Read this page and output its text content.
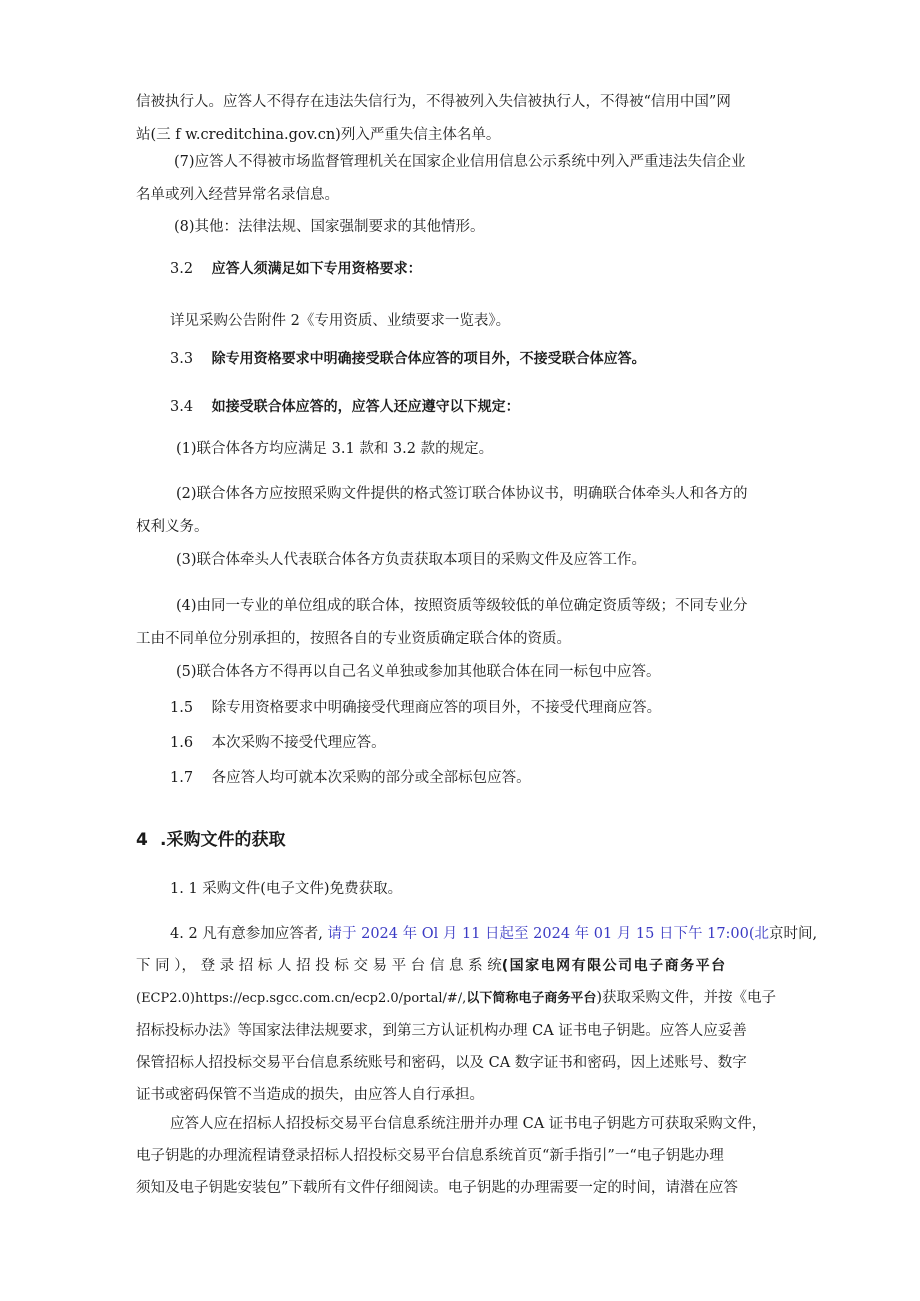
信被执行人。应答人不得存在违法失信行为，不得被列入失信被执行人，不得被“信用中国”网
站(三 f w.creditchina.gov.cn)列入严重失信主体名单。

(7)应答人不得被市场监督管理机关在国家企业信用信息公示系统中列入严重违法失信企业
名单或列入经营异常名录信息。

(8)其他：法律法规、国家强制要求的其他情形。

3.2 应答人须满足如下专用资格要求：

详见采购公告附件 2《专用资质、业绩要求一览表》。

3.3 除专用资格要求中明确接受联合体应答的项目外，不接受联合体应答。

3.4 如接受联合体应答的，应答人还应遵守以下规定：

(1)联合体各方均应满足 3.1 款和 3.2 款的规定。

(2)联合体各方应按照采购文件提供的格式签订联合体协议书，明确联合体牵头人和各方的
权利义务。

(3)联合体牵头人代表联合体各方负责获取本项目的采购文件及应答工作。

(4)由同一专业的单位组成的联合体，按照资质等级较低的单位确定资质等级；不同专业分
工由不同单位分别承担的，按照各自的专业资质确定联合体的资质。

(5)联合体各方不得再以自己名义单独或参加其他联合体在同一标包中应答。

1.5 除专用资格要求中明确接受代理商应答的项目外，不接受代理商应答。

1.6 本次采购不接受代理应答。

1.7 各应答人均可就本次采购的部分或全部标包应答。

4 .采购文件的获取

1. 1 采购文件(电子文件)免费获取。

4. 2 凡有意参加应答者, 请于 2024 年 Ol 月 11 日起至 2024 年 01 月 15 日下午 17:00(北京时间,
下 同 ）， 登 录 招 标 人 招 投 标 交 易 平 台 信 息 系 统(国家电网有限公司电子商务平台
(ECP2.0)https://ecp.sgcc.com.cn/ecp2.0/portal/#/,以下简称电子商务平台)获取采购文件，并按《电子
招标投标办法》等国家法律法规要求，到第三方认证机构办理 CA 证书电子钥匙。应答人应妥善
保管招标人招投标交易平台信息系统账号和密码，以及 CA 数字证书和密码，因上述账号、数字
证书或密码保管不当造成的损失，由应答人自行承担。
应答人应在招标人招投标交易平台信息系统注册并办理 CA 证书电子钥匙方可获取采购文件，
电子钥匙的办理流程请登录招标人招投标交易平台信息系统首页“新手指引”一“电子钥匙办理
须知及电子钥匙安装包”下载所有文件仔细阅读。电子钥匙的办理需要一定的时间，请潜在应答
